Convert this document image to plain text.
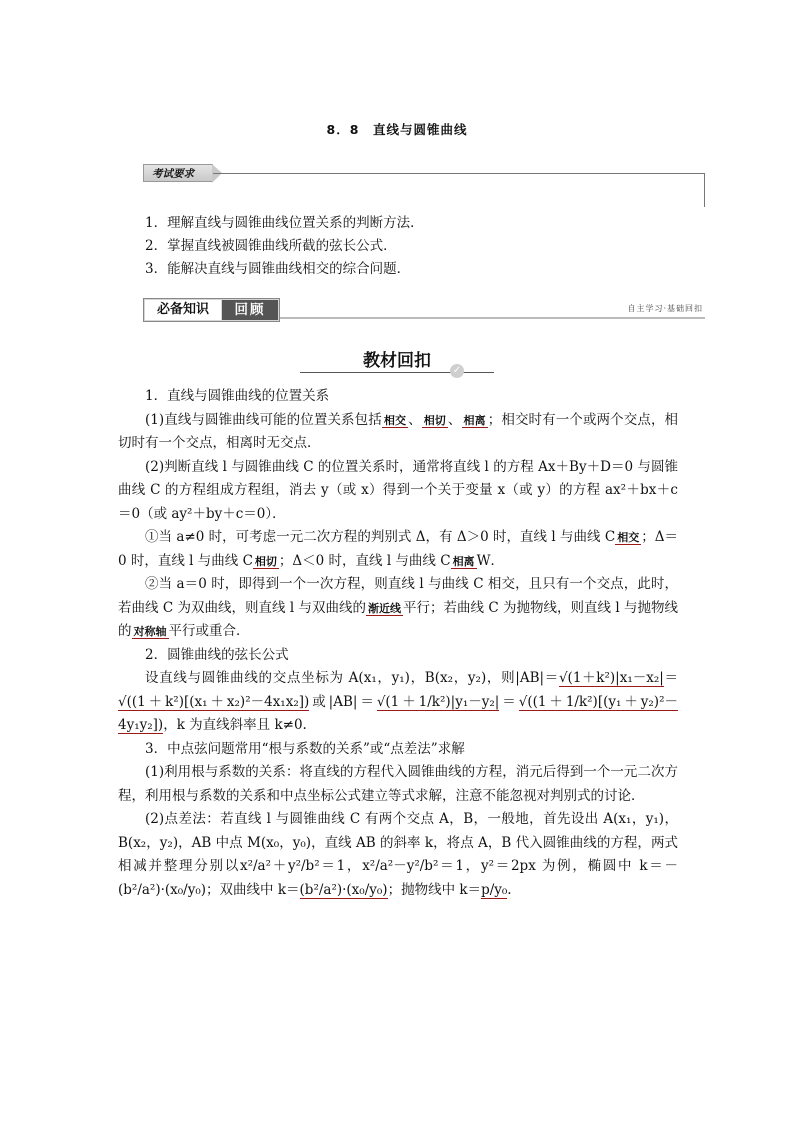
8．8　直线与圆锥曲线
考试要求
1．理解直线与圆锥曲线位置关系的判断方法．
2．掌握直线被圆锥曲线所截的弦长公式．
3．能解决直线与圆锥曲线相交的综合问题．
必备知识	回顾	自主学习·基础回扣
教材回扣	✓

1．直线与圆锥曲线的位置关系

(1)直线与圆锥曲线可能的位置关系包括 相交 、 相切 、 相离 ；相交时有一个或两个交点，相切时有一个交点，相离时无交点．

(2)判断直线 l 与圆锥曲线 C 的位置关系时，通常将直线 l 的方程 Ax＋By＋D＝0 与圆锥曲线 C 的方程组成方程组，消去 y（或 x）得到一个关于变量 x（或 y）的方程 ax²＋bx＋c＝0（或 ay²＋by＋c＝0）．

①当 a≠0 时，可考虑一元二次方程的判别式 Δ，有 Δ＞0 时，直线 l 与曲线 C 相交 ；Δ＝0 时，直线 l 与曲线 C 相切 ；Δ＜0 时，直线 l 与曲线 C 相离 W．

②当 a＝0 时，即得到一个一次方程，则直线 l 与曲线 C 相交，且只有一个交点，此时，若曲线 C 为双曲线，则直线 l 与双曲线的 渐近线 平行；若曲线 C 为抛物线，则直线 l 与抛物线的 对称轴 平行或重合．

2．圆锥曲线的弦长公式

设直线与圆锥曲线的交点坐标为 A(x₁，y₁)，B(x₂，y₂)，则|AB|＝√(1＋k²)|x₁－x₂|＝√((1＋k²)[(x₁＋x₂)²－4x₁x₂])或|AB|＝√(1＋1/k²)|y₁－y₂|＝√((1＋1/k²)[(y₁＋y₂)²－4y₁y₂])，k 为直线斜率且 k≠0.

3．中点弦问题常用“根与系数的关系”或“点差法”求解

(1)利用根与系数的关系：将直线的方程代入圆锥曲线的方程，消元后得到一个一元二次方程，利用根与系数的关系和中点坐标公式建立等式求解，注意不能忽视对判别式的讨论．

(2)点差法：若直线 l 与圆锥曲线 C 有两个交点 A，B，一般地，首先设出 A(x₁，y₁)，B(x₂，y₂)，AB 中点 M(x₀，y₀)，直线 AB 的斜率 k，将点 A，B 代入圆锥曲线的方程，两式相减并整理分别以x²/a²＋y²/b²＝1，x²/a²－y²/b²＝1，y²＝2px 为例，椭圆中 k＝－(b²/a²)·(x₀/y₀)；双曲线中 k＝(b²/a²)·(x₀/y₀)；抛物线中 k＝p/y₀.
